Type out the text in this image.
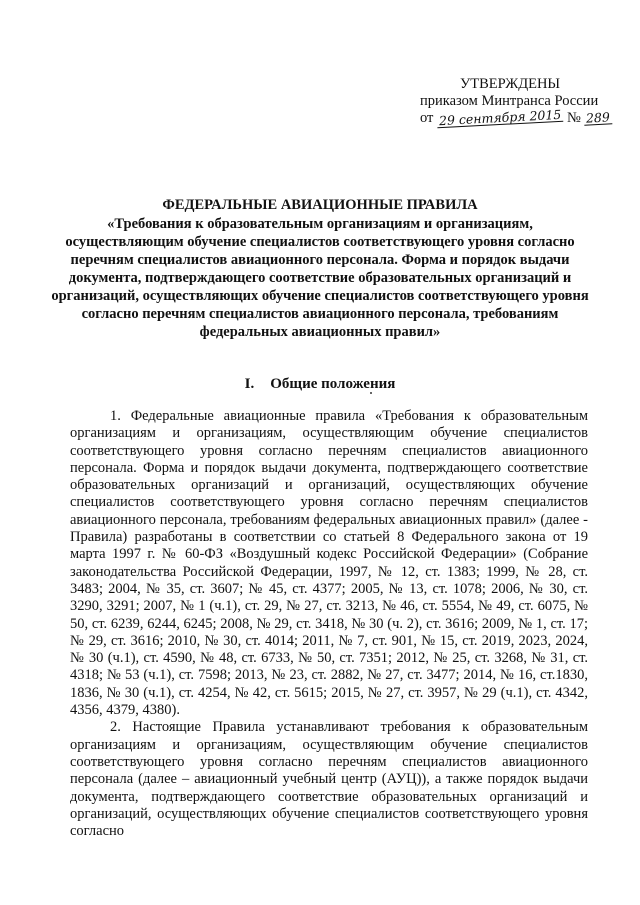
УТВЕРЖДЕНЫ
приказом Минтранса России
от 29 сентября 2015 № 289
ФЕДЕРАЛЬНЫЕ АВИАЦИОННЫЕ ПРАВИЛА
«Требования к образовательным организациям и организациям, осуществляющим обучение специалистов соответствующего уровня согласно перечням специалистов авиационного персонала. Форма и порядок выдачи документа, подтверждающего соответствие образовательных организаций и организаций, осуществляющих обучение специалистов соответствующего уровня согласно перечням специалистов авиационного персонала, требованиям федеральных авиационных правил»
I. Общие положения

1. Федеральные авиационные правила «Требования к образовательным организациям и организациям, осуществляющим обучение специалистов соответствующего уровня согласно перечням специалистов авиационного персонала. Форма и порядок выдачи документа, подтверждающего соответствие образовательных организаций и организаций, осуществляющих обучение специалистов соответствующего уровня согласно перечням специалистов авиационного персонала, требованиям федеральных авиационных правил» (далее - Правила) разработаны в соответствии со статьей 8 Федерального закона от 19 марта 1997 г. № 60-ФЗ «Воздушный кодекс Российской Федерации» (Собрание законодательства Российской Федерации, 1997, № 12, ст. 1383; 1999, № 28, ст. 3483; 2004, № 35, ст. 3607; № 45, ст. 4377; 2005, № 13, ст. 1078; 2006, № 30, ст. 3290, 3291; 2007, № 1 (ч.1), ст. 29, № 27, ст. 3213, № 46, ст. 5554, № 49, ст. 6075, № 50, ст. 6239, 6244, 6245; 2008, № 29, ст. 3418, № 30 (ч. 2), ст. 3616; 2009, № 1, ст. 17; № 29, ст. 3616; 2010, № 30, ст. 4014; 2011, № 7, ст. 901, № 15, ст. 2019, 2023, 2024, № 30 (ч.1), ст. 4590, № 48, ст. 6733, № 50, ст. 7351; 2012, № 25, ст. 3268, № 31, ст. 4318; № 53 (ч.1), ст. 7598; 2013, № 23, ст. 2882, № 27, ст. 3477; 2014, № 16, ст.1830, 1836, № 30 (ч.1), ст. 4254, № 42, ст. 5615; 2015, № 27, ст. 3957, № 29 (ч.1), ст. 4342, 4356, 4379, 4380).

2. Настоящие Правила устанавливают требования к образовательным организациям и организациям, осуществляющим обучение специалистов соответствующего уровня согласно перечням специалистов авиационного персонала (далее – авиационный учебный центр (АУЦ)), а также порядок выдачи документа, подтверждающего соответствие образовательных организаций и организаций, осуществляющих обучение специалистов соответствующего уровня согласно
